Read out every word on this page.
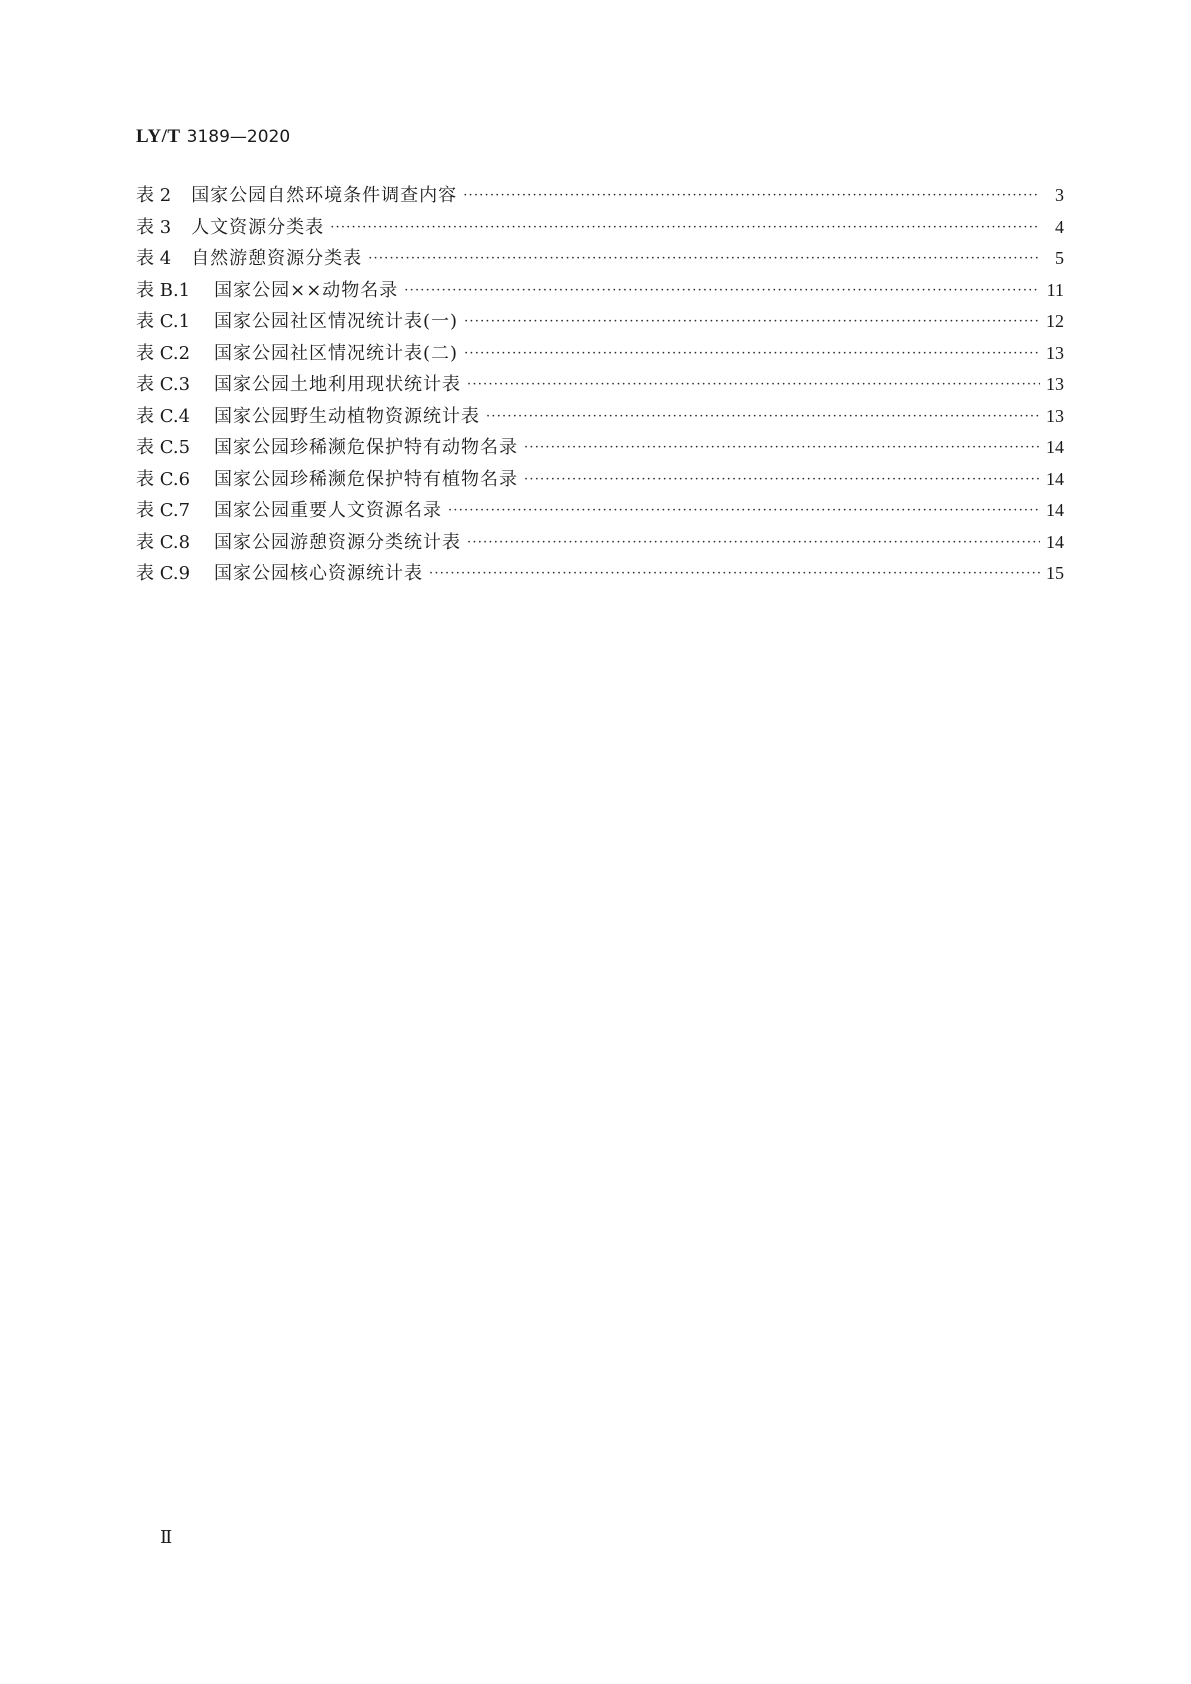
LY/T 3189—2020
表 2	国家公园自然环境条件调查内容 ·····	3
表 3	人文资源分类表 ·····	4
表 4	自然游憩资源分类表 ·····	5
表 B.1	国家公园××动物名录 ·····	11
表 C.1	国家公园社区情况统计表(一) ·····	12
表 C.2	国家公园社区情况统计表(二) ·····	13
表 C.3	国家公园土地利用现状统计表 ·····	13
表 C.4	国家公园野生动植物资源统计表 ·····	13
表 C.5	国家公园珍稀濒危保护特有动物名录 ·····	14
表 C.6	国家公园珍稀濒危保护特有植物名录 ·····	14
表 C.7	国家公园重要人文资源名录 ·····	14
表 C.8	国家公园游憩资源分类统计表 ·····	14
表 C.9	国家公园核心资源统计表 ·····	15
Ⅱ
